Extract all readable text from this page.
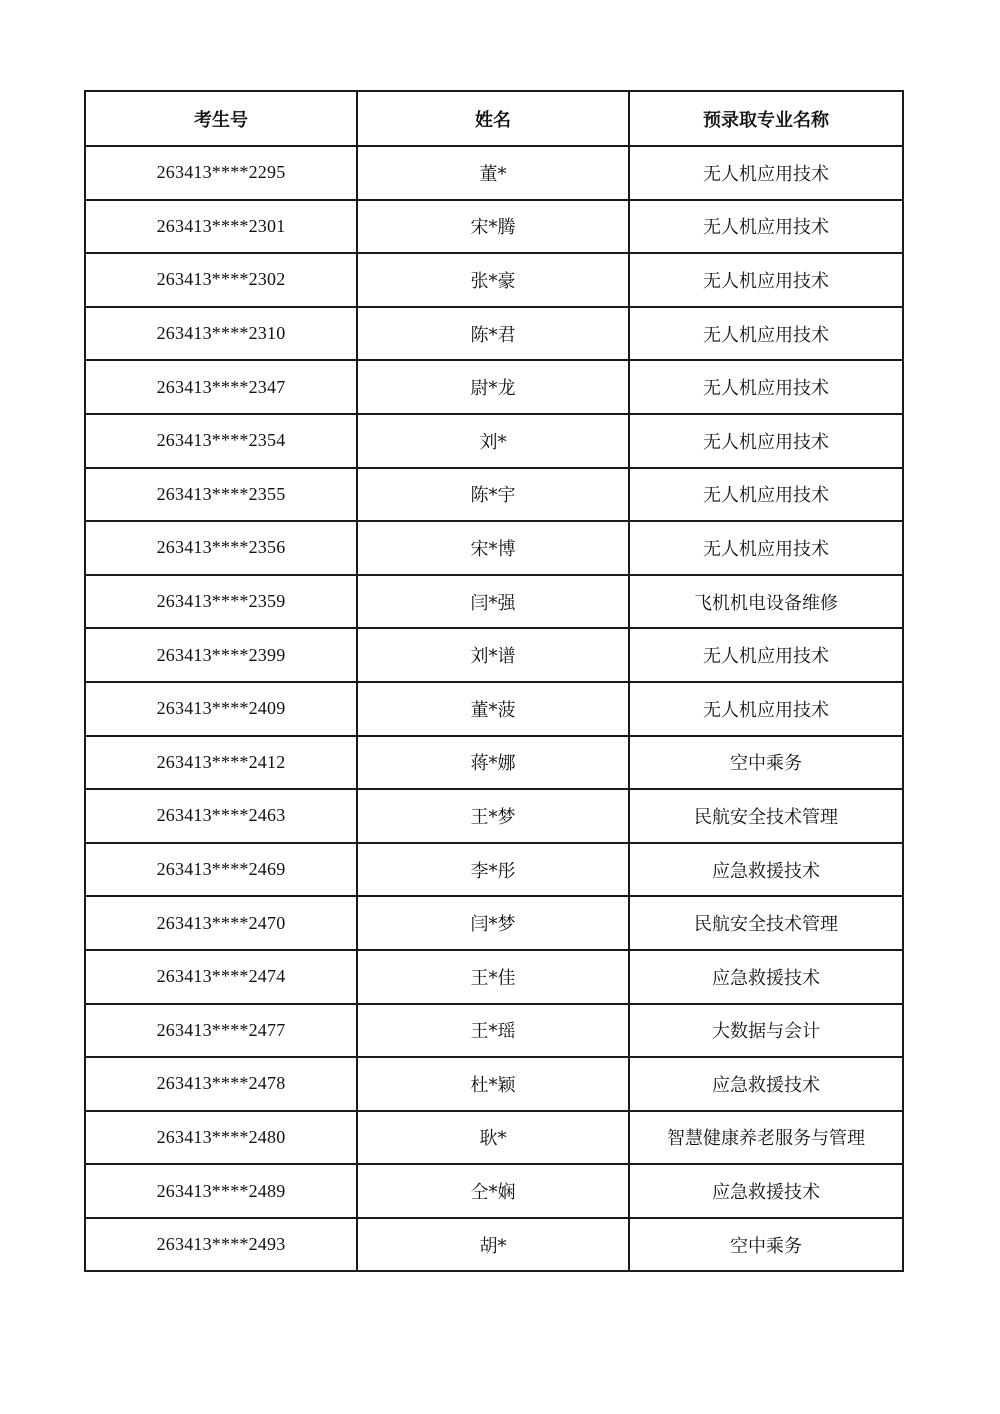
考生号	姓名	预录取专业名称
263413****2295	董*	无人机应用技术
263413****2301	宋*腾	无人机应用技术
263413****2302	张*豪	无人机应用技术
263413****2310	陈*君	无人机应用技术
263413****2347	尉*龙	无人机应用技术
263413****2354	刘*	无人机应用技术
263413****2355	陈*宇	无人机应用技术
263413****2356	宋*博	无人机应用技术
263413****2359	闫*强	飞机机电设备维修
263413****2399	刘*谱	无人机应用技术
263413****2409	董*菠	无人机应用技术
263413****2412	蒋*娜	空中乘务
263413****2463	王*梦	民航安全技术管理
263413****2469	李*彤	应急救援技术
263413****2470	闫*梦	民航安全技术管理
263413****2474	王*佳	应急救援技术
263413****2477	王*瑶	大数据与会计
263413****2478	杜*颖	应急救援技术
263413****2480	耿*	智慧健康养老服务与管理
263413****2489	仝*娴	应急救援技术
263413****2493	胡*	空中乘务
